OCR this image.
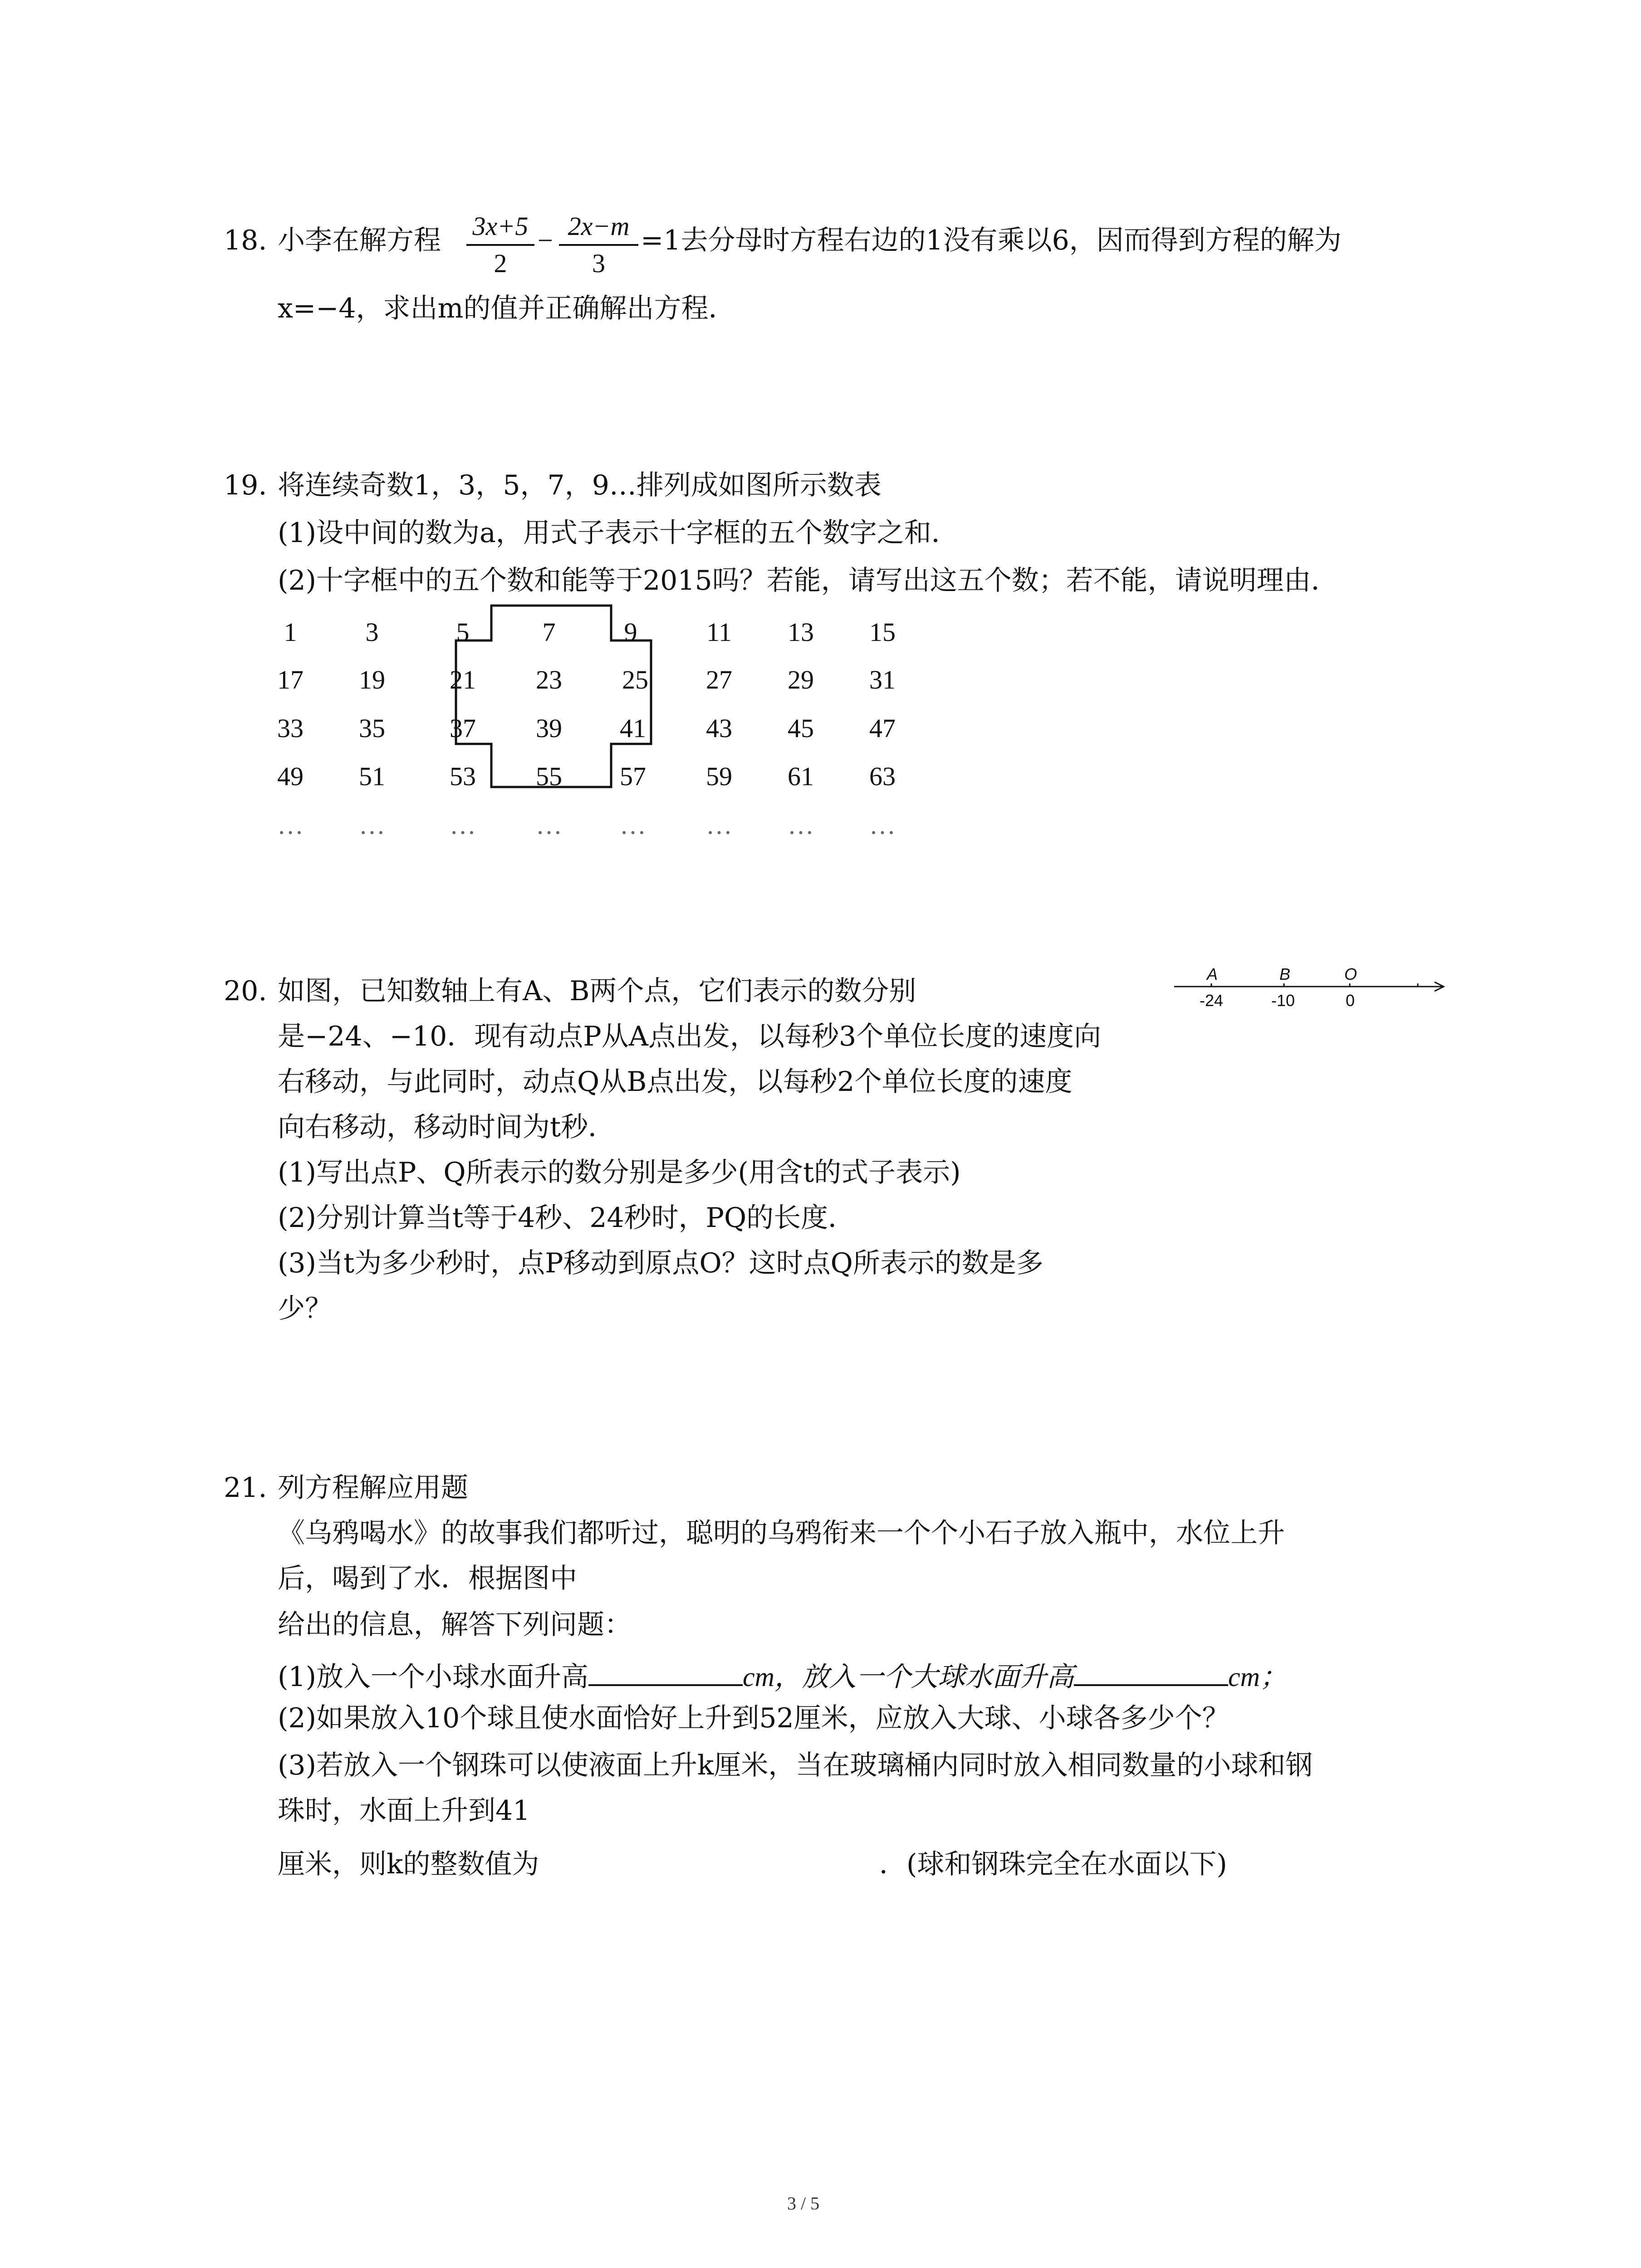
18. 小李在解方程 3x+5
2
− 2x−m
3
=1去分母时方程右边的1没有乘以6，因而得到方程的解为
x=−4，求出m的值并正确解出方程．
19. 将连续奇数1，3，5，7，9…排列成如图所示数表
(1)设中间的数为a，用式子表示十字框的五个数字之和．
(2)十字框中的五个数和能等于2015吗？若能，请写出这五个数；若不能，请说明理由．
1	3	5	7	9	11	13	15
17	19	21	23	25	27	29	31
33	35	37	39	41	43	45	47
49	51	53	55	57	59	61	63
…	…	…	…	…	…	…	…
20. 如图，已知数轴上有A、B两个点，它们表示的数分别
是−24、−10．现有动点P从A点出发，以每秒3个单位长度的速度向
右移动，与此同时，动点Q从B点出发，以每秒2个单位长度的速度
向右移动，移动时间为t秒．
(1)写出点P、Q所表示的数分别是多少(用含t的式子表示)
(2)分别计算当t等于4秒、24秒时，PQ的长度．
(3)当t为多少秒时，点P移动到原点O？这时点Q所表示的数是多
少？
A	B	O
-24	-10	0
21. 列方程解应用题
《乌鸦喝水》的故事我们都听过，聪明的乌鸦衔来一个个小石子放入瓶中，水位上升
后，喝到了水．根据图中
给出的信息，解答下列问题：
(1)放入一个小球水面升高	cm，放入一个大球水面升高	cm；
(2)如果放入10个球且使水面恰好上升到52厘米，应放入大球、小球各多少个？
(3)若放入一个钢珠可以使液面上升k厘米，当在玻璃桶内同时放入相同数量的小球和钢
珠时，水面上升到41
厘米，则k的整数值为	．(球和钢珠完全在水面以下)
3 / 5
